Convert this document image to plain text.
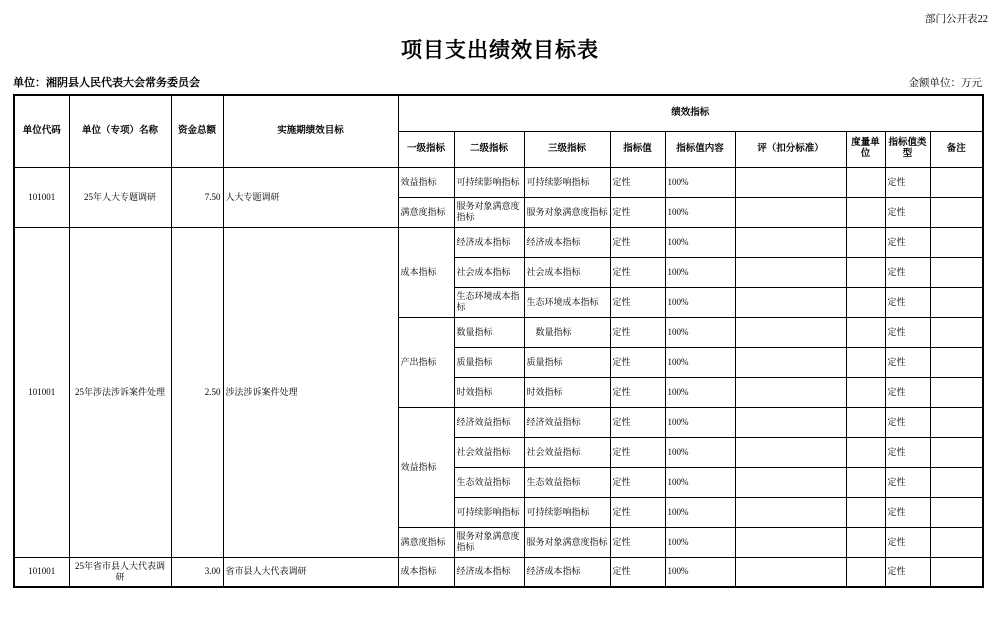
部门公开表22
项目支出绩效目标表
单位：湘阴县人民代表大会常务委员会	金额单位：万元
单位代码	单位（专项）名称	资金总额	实施期绩效目标	绩效指标								
				一级指标	二级指标	三级指标	指标值	指标值内容	评（扣分标准）	度量单位	指标值类型	备注
101001	25年人大专题调研	7.50	人大专题调研	效益指标	可持续影响指标	可持续影响指标	定性	100%			定性	
				满意度指标	服务对象满意度指标	服务对象满意度指标	定性	100%			定性	
101001	25年涉法涉诉案件处理	2.50	涉法涉诉案件处理	成本指标	经济成本指标	经济成本指标	定性	100%			定性	
					社会成本指标	社会成本指标	定性	100%			定性	
					生态环境成本指标	生态环境成本指标	定性	100%			定性	
				产出指标	数量指标	　数量指标	定性	100%			定性	
					质量指标	质量指标	定性	100%			定性	
					时效指标	时效指标	定性	100%			定性	
				效益指标	经济效益指标	经济效益指标	定性	100%			定性	
					社会效益指标	社会效益指标	定性	100%			定性	
					生态效益指标	生态效益指标	定性	100%			定性	
					可持续影响指标	可持续影响指标	定性	100%			定性	
				满意度指标	服务对象满意度指标	服务对象满意度指标	定性	100%			定性	
101001	25年省市县人大代表调研	3.00	省市县人大代表调研	成本指标	经济成本指标	经济成本指标	定性	100%			定性	
